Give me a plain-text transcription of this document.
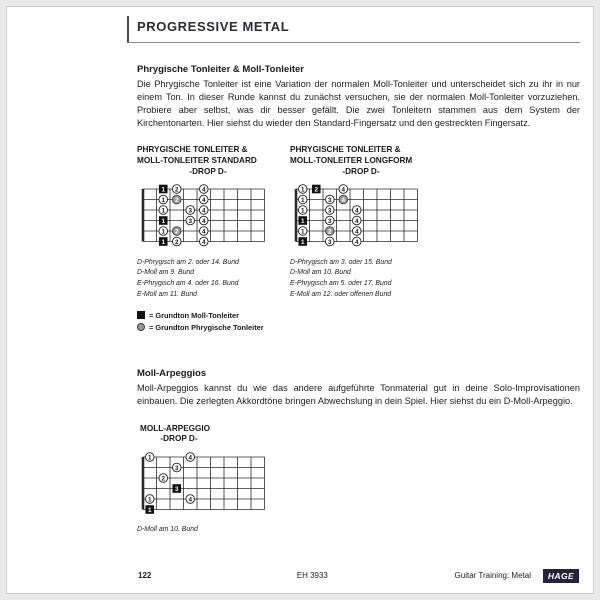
PROGRESSIVE METAL
Phrygische Tonleiter & Moll-Tonleiter

Die Phrygische Tonleiter ist eine Variation der normalen Moll-Tonleiter und unterscheidet sich zu ihr in nur einem Ton. In dieser Runde kannst du zunächst versuchen, sie der normalen Moll-Tonleiter vorzuziehen. Probiere aber selbst, was dir besser gefällt. Die zwei Tonleitern stammen aus dem System der Kirchentonarten. Hier siehst du wieder den Standard-Fingersatz und den gestreckten Fingersatz.

PHRYGISCHE TONLEITER &
MOLL-TONLEITER STANDARD
-DROP D-
1 2	4
1 2	4
1	3 4
1	3 4
1 2	4
1 2	4
D-Phrygisch am 2. oder 14. Bund
D-Moll am 9. Bund
E-Phrygisch am 4. oder 16. Bund
E-Moll am 11. Bund
PHRYGISCHE TONLEITER &
MOLL-TONLEITER LONGFORM
-DROP D-
1 2	4
1	3 4
1	3	4
1	3	4
1	2	4
1	3	4
D-Phrygisch am 3. oder 15. Bund
D-Moll am 10. Bund
E-Phrygisch am 5. oder 17. Bund
E-Moll am 12. oder offenen Bund
= Grundton Moll-Tonleiter
= Grundton Phrygische Tonleiter
Moll-Arpeggios

Moll-Arpeggios kannst du wie das andere aufgeführte Tonmaterial gut in deine Solo-Improvisationen einbauen. Die zerlegten Akkordtöne bringen Abwechslung in dein Spiel. Hier siehst du ein D-Moll-Arpeggio.

MOLL-ARPEGGIO
-DROP D-
1	4
3
2
3
1	4
1
D-Moll am 10. Bund
122	EH 3933	Guitar Training: Metal	HAGE
